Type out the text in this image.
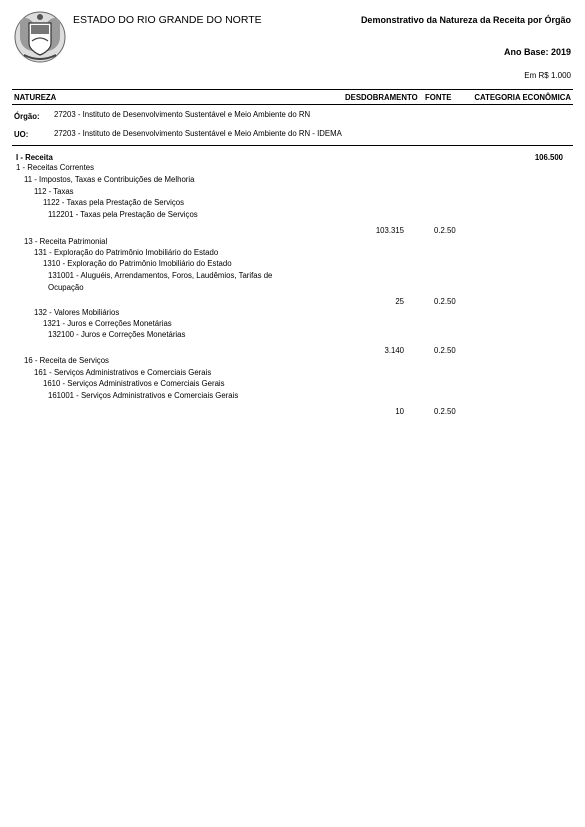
ESTADO DO RIO GRANDE DO NORTE	Demonstrativo da Natureza da Receita por Órgão
Ano Base: 2019
Em R$ 1.000
NATUREZA	DESDOBRAMENTO FONTE	CATEGORIA ECONÔMICA
Órgão: 27203 - Instituto de Desenvolvimento Sustentável e Meio Ambiente do RN
UO:	27203 - Instituto de Desenvolvimento Sustentável e Meio Ambiente do RN - IDEMA
I - Receita	106.500
1 - Receitas Correntes
11 - Impostos, Taxas e Contribuições de Melhoria
112 - Taxas
1122 - Taxas pela Prestação de Serviços
112201 - Taxas pela Prestação de Serviços
103.315	0.2.50
13 - Receita Patrimonial
131 - Exploração do Patrimônio Imobiliário do Estado
1310 - Exploração do Patrimônio Imobiliário do Estado
131001 - Aluguéis, Arrendamentos, Foros, Laudêmios, Tarifas de
Ocupação
25	0.2.50
132 - Valores Mobiliários
1321 - Juros e Correções Monetárias
132100 - Juros e Correções Monetárias
3.140	0.2.50
16 - Receita de Serviços
161 - Serviços Administrativos e Comerciais Gerais
1610 - Serviços Administrativos e Comerciais Gerais
161001 - Serviços Administrativos e Comerciais Gerais
10	0.2.50
